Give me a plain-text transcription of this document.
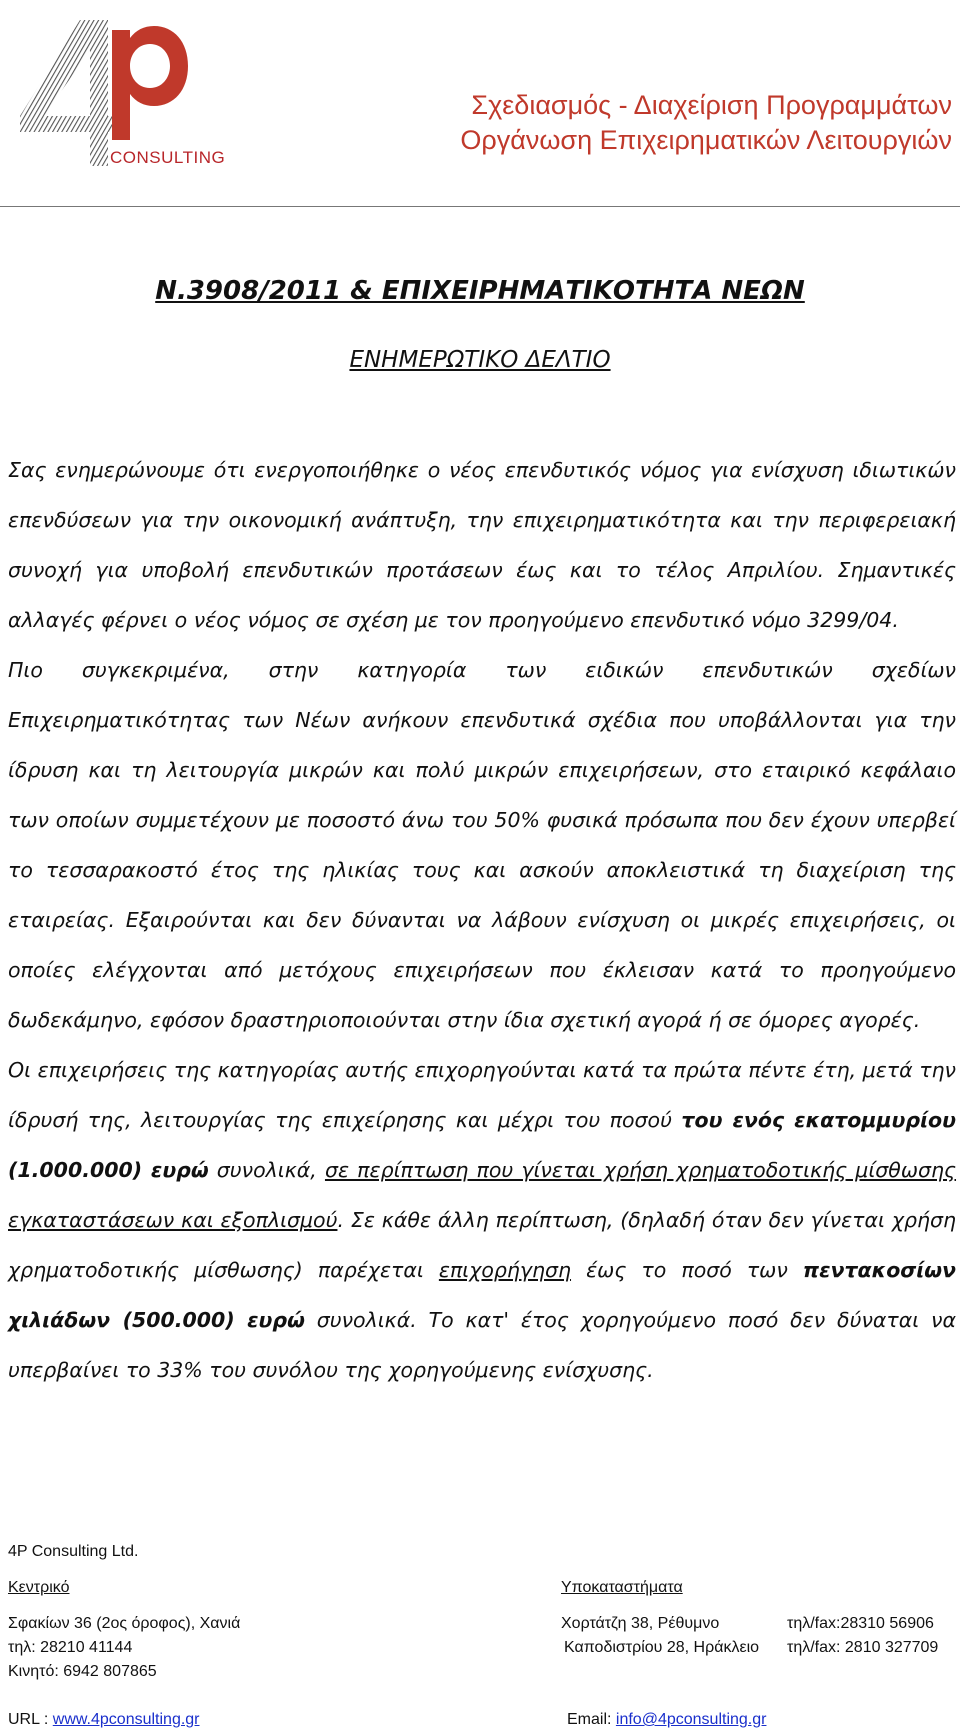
CONSULTING
Σχεδιασμός - Διαχείριση Προγραμμάτων
Οργάνωση Επιχειρηματικών Λειτουργιών
Ν.3908/2011 & ΕΠΙΧΕΙΡΗΜΑΤΙΚΟΤΗΤΑ ΝΕΩΝ
ΕΝΗΜΕΡΩΤΙΚΟ ΔΕΛΤΙΟ

Σας ενημερώνουμε ότι ενεργοποιήθηκε ο νέος επενδυτικός νόμος για ενίσχυση ιδιωτικών επενδύσεων για την οικονομική ανάπτυξη, την επιχειρηματικότητα και την περιφερειακή συνοχή για υποβολή επενδυτικών προτάσεων έως και το τέλος Απριλίου. Σημαντικές αλλαγές φέρνει ο νέος νόμος σε σχέση με τον προηγούμενο επενδυτικό νόμο 3299/04.

Πιο συγκεκριμένα, στην κατηγορία των ειδικών επενδυτικών σχεδίων Επιχειρηματικότητας των Νέων ανήκουν επενδυτικά σχέδια που υποβάλλονται για την ίδρυση και τη λειτουργία μικρών και πολύ μικρών επιχειρήσεων, στο εταιρικό κεφάλαιο των οποίων συμμετέχουν με ποσοστό άνω του 50% φυσικά πρόσωπα που δεν έχουν υπερβεί το τεσσαρακοστό έτος της ηλικίας τους και ασκούν αποκλειστικά τη διαχείριση της εταιρείας. Εξαιρούνται και δεν δύνανται να λάβουν ενίσχυση οι μικρές επιχειρήσεις, οι οποίες ελέγχονται από μετόχους επιχειρήσεων που έκλεισαν κατά το προηγούμενο δωδεκάμηνο, εφόσον δραστηριοποιούνται στην ίδια σχετική αγορά ή σε όμορες αγορές.

Οι επιχειρήσεις της κατηγορίας αυτής επιχορηγούνται κατά τα πρώτα πέντε έτη, μετά την ίδρυσή της, λειτουργίας της επιχείρησης και μέχρι του ποσού του ενός εκατομμυρίου (1.000.000) ευρώ συνολικά, σε περίπτωση που γίνεται χρήση χρηματοδοτικής μίσθωσης εγκαταστάσεων και εξοπλισμού. Σε κάθε άλλη περίπτωση, (δηλαδή όταν δεν γίνεται χρήση χρηματοδοτικής μίσθωσης) παρέχεται επιχορήγηση έως το ποσό των πεντακοσίων χιλιάδων (500.000) ευρώ συνολικά. Το κατ' έτος χορηγούμενο ποσό δεν δύναται να υπερβαίνει το 33% του συνόλου της χορηγούμενης ενίσχυσης.

4P Consulting Ltd.
Κεντρικό	Υποκαταστήματα
Σφακίων 36 (2ος όροφος), Χανιά
τηλ: 28210 41144
Κινητό: 6942 807865
Χορτάτζη 38, Ρέθυμνο	τηλ/fax:28310 56906
Καποδιστρίου 28, Ηράκλειο τηλ/fax: 2810 327709
URL : www.4pconsulting.gr	Email: info@4pconsulting.gr
